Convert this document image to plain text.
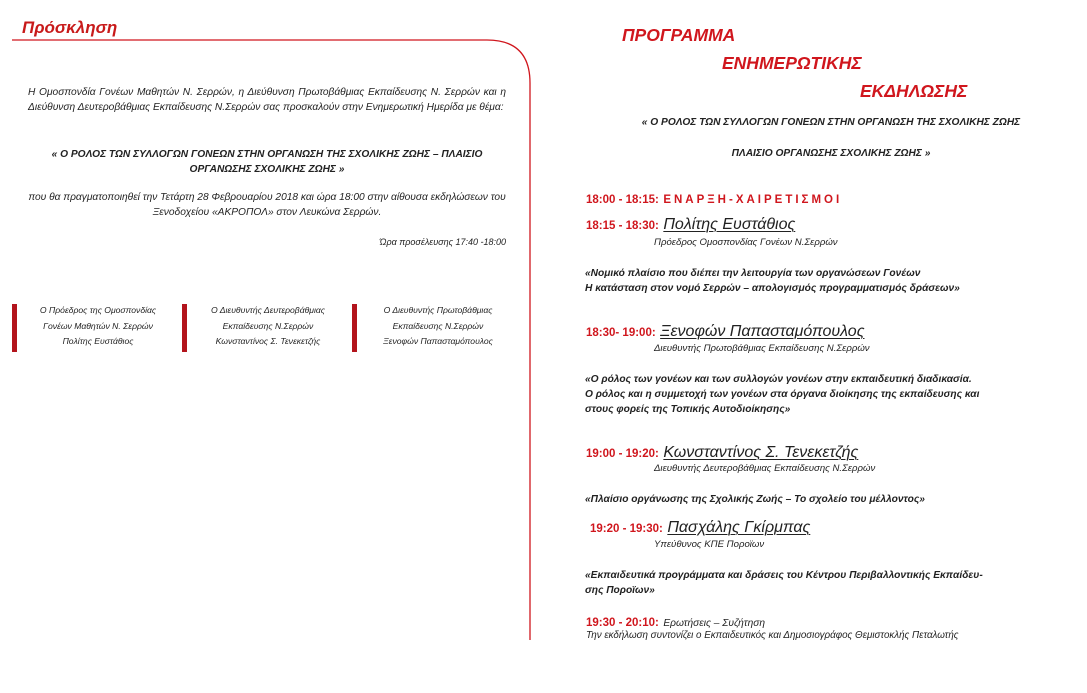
Πρόσκληση
Η Ομοσπονδία Γονέων Μαθητών Ν. Σερρών, η Διεύθυνση Πρωτοβάθμιας Εκπαίδευσης Ν. Σερρών και η Διεύθυνση Δευτεροβάθμιας Εκπαίδευσης Ν.Σερρών σας προσκαλούν στην Ενημερωτική Ημερίδα με θέμα:
« Ο ΡΟΛΟΣ ΤΩΝ ΣΥΛΛΟΓΩΝ ΓΟΝΕΩΝ ΣΤΗΝ ΟΡΓΑΝΩΣΗ ΤΗΣ ΣΧΟΛΙΚΗΣ ΖΩΗΣ – ΠΛΑΙΣΙΟ ΟΡΓΑΝΩΣΗΣ ΣΧΟΛΙΚΗΣ ΖΩΗΣ »
που θα πραγματοποιηθεί την Τετάρτη 28 Φεβρουαρίου 2018 και ώρα 18:00 στην αίθουσα εκδηλώσεων του Ξενοδοχείου «ΑΚΡΟΠΟΛ» στον Λευκώνα Σερρών.
Ώρα προσέλευσης 17:40 -18:00
Ο Πρόεδρος της Ομοσπονδίας
Γονέων Μαθητών Ν. Σερρών
Πολίτης Ευστάθιος
Ο Διευθυντής Δευτεροβάθμιας
Εκπαίδευσης Ν.Σερρών
Κωνσταντίνος Σ. Τενεκετζής
Ο Διευθυντής Πρωτοβάθμιας
Εκπαίδευσης Ν.Σερρών
Ξενοφών Παπασταμόπουλος
ΠΡΟΓΡΑΜΜΑ
ΕΝΗΜΕΡΩΤΙΚΗΣ
ΕΚΔΗΛΩΣΗΣ
« Ο ΡΟΛΟΣ ΤΩΝ ΣΥΛΛΟΓΩΝ ΓΟΝΕΩΝ ΣΤΗΝ ΟΡΓΑΝΩΣΗ ΤΗΣ ΣΧΟΛΙΚΗΣ ΖΩΗΣ
ΠΛΑΙΣΙΟ ΟΡΓΑΝΩΣΗΣ ΣΧΟΛΙΚΗΣ ΖΩΗΣ »
18:00 - 18:15: ΕΝΑΡΞΗ-ΧΑΙΡΕΤΙΣΜΟΙ
18:15 - 18:30: Πολίτης Ευστάθιος
Πρόεδρος Ομοσπονδίας Γονέων Ν.Σερρών
«Νομικό πλαίσιο που διέπει την λειτουργία των οργανώσεων Γονέων
Η κατάσταση στον νομό Σερρών – απολογισμός προγραμματισμός δράσεων»
18:30- 19:00: Ξενοφών Παπασταμόπουλος
Διευθυντής Πρωτοβάθμιας Εκπαίδευσης Ν.Σερρών
«Ο ρόλος των γονέων και των συλλογών γονέων στην εκπαιδευτική διαδικασία.
Ο ρόλος και η συμμετοχή των γονέων στα όργανα διοίκησης της εκπαίδευσης και
στους φορείς της Τοπικής Αυτοδιοίκησης»
19:00 - 19:20: Κωνσταντίνος Σ. Τενεκετζής
Διευθυντής Δευτεροβάθμιας Εκπαίδευσης Ν.Σερρών
«Πλαίσιο οργάνωσης της Σχολικής Ζωής – Το σχολείο του μέλλοντος»
19:20 - 19:30: Πασχάλης Γκίρμπας
Υπεύθυνος ΚΠΕ Ποροϊων
«Εκπαιδευτικά προγράμματα και δράσεις του Κέντρου Περιβαλλοντικής Εκπαίδευ-
σης Ποροϊων»
19:30 - 20:10: Ερωτήσεις – Συζήτηση
Την εκδήλωση συντονίζει ο Εκπαιδευτικός και Δημοσιογράφος Θεμιστοκλής Πεταλωτής
